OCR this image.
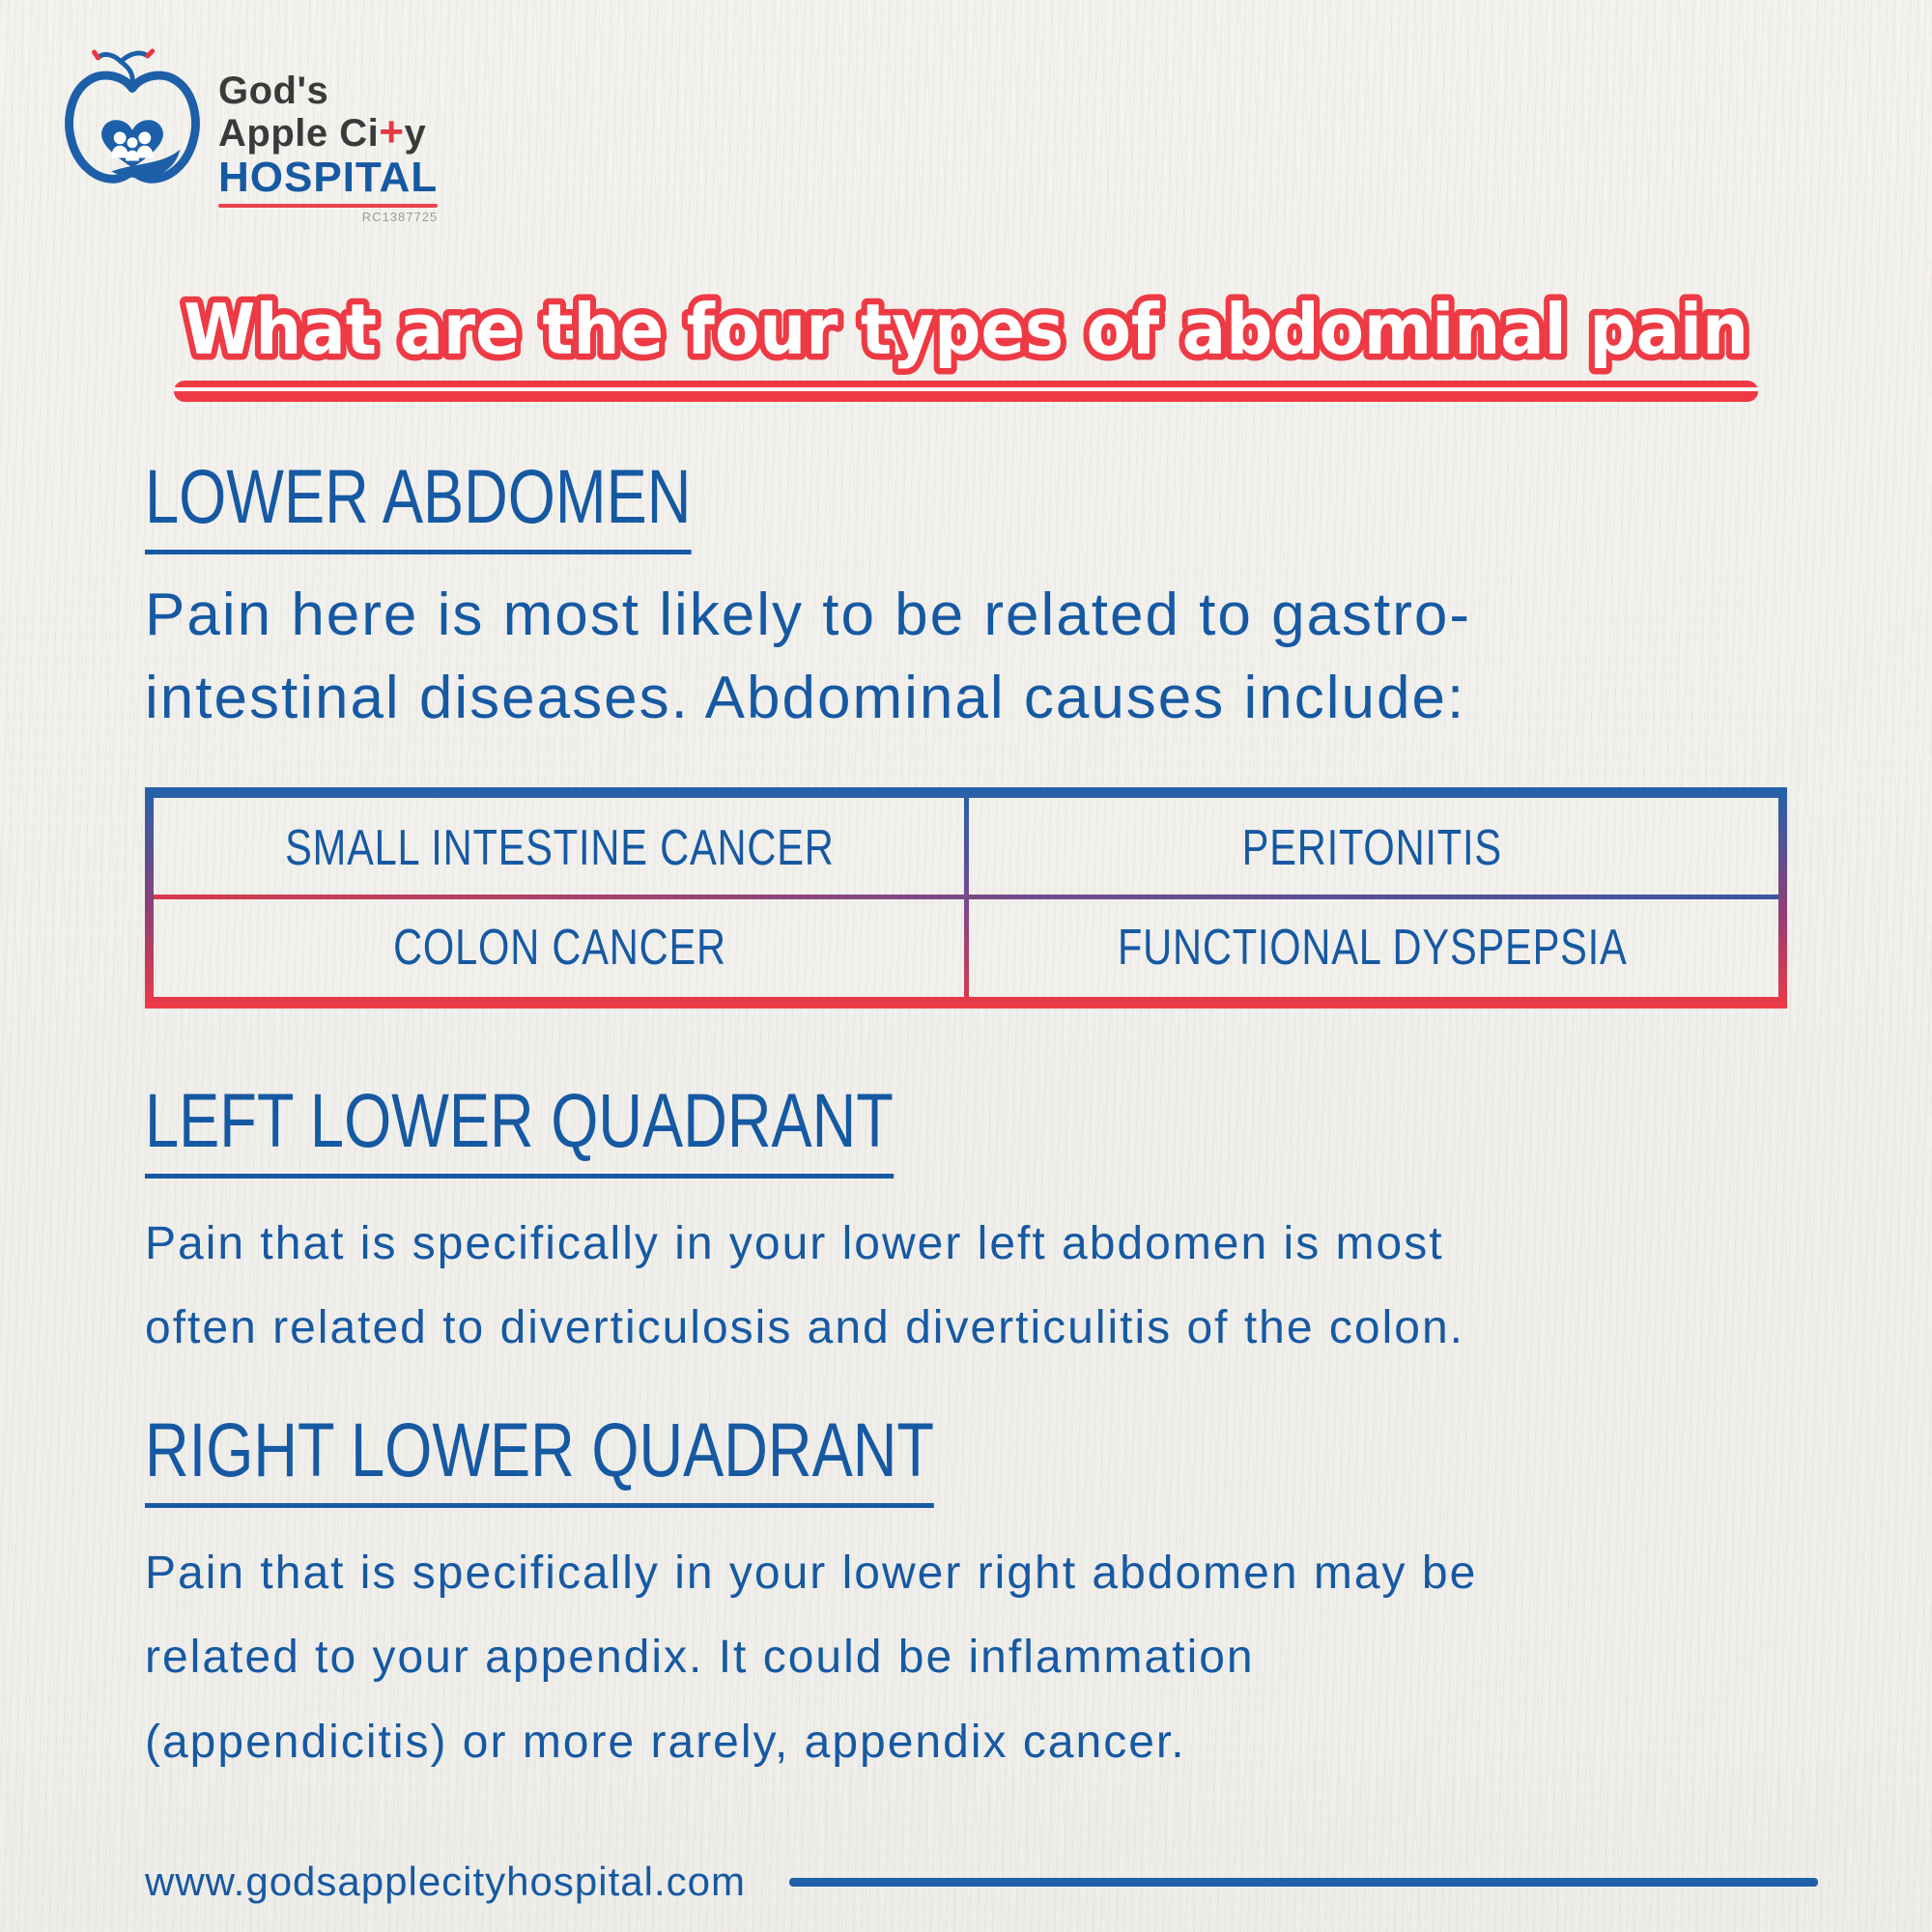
God's
Apple Ci+y
HOSPITAL
RC1387725
What are the four types of abdominal pain
LOWER ABDOMEN
Pain here is most likely to be related to gastro-
intestinal diseases. Abdominal causes include:
SMALL INTESTINE CANCER	PERITONITIS
COLON CANCER	FUNCTIONAL DYSPEPSIA
LEFT LOWER QUADRANT
Pain that is specifically in your lower left abdomen is most
often related to diverticulosis and diverticulitis of the colon.
RIGHT LOWER QUADRANT
Pain that is specifically in your lower right abdomen may be
related to your appendix. It could be inflammation
(appendicitis) or more rarely, appendix cancer.
www.godsapplecityhospital.com
